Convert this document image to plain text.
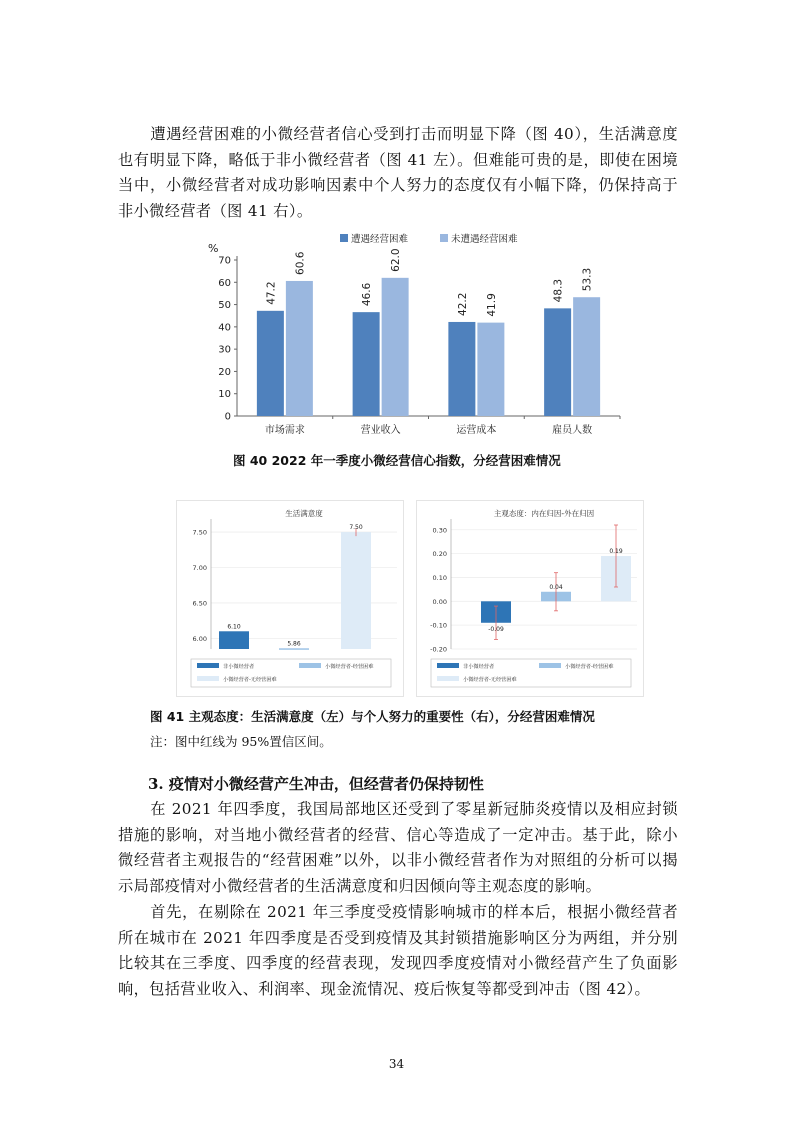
遭遇经营困难的小微经营者信心受到打击而明显下降（图 40），生活满意度也有明显下降，略低于非小微经营者（图 41 左）。但难能可贵的是，即使在困境当中，小微经营者对成功影响因素中个人努力的态度仅有小幅下降，仍保持高于非小微经营者（图 41 右）。
遭遇经营困难	未遭遇经营困难
%
0
10
20
30
40
50
60
70
市场需求
47.2
60.6
营业收入
46.6
62.0
运营成本
42.2 41.9
雇员人数
48.3 53.3
图 40 2022 年一季度小微经营信心指数，分经营困难情况
生活满意度
6.00
6.50
7.00
7.50
6.10
5.86
7.50
非小微经营者	小微经营者-经营困难
小微经营者-无经营困难
主观态度：内在归因-外在归因
-0.20
-0.10
0.00
0.10
0.20
0.30
-0.09
0.04
0.19
非小微经营者	小微经营者-经营困难
小微经营者-无经营困难
图 41 主观态度：生活满意度（左）与个人努力的重要性（右），分经营困难情况
注：图中红线为 95%置信区间。
3. 疫情对小微经营产生冲击，但经营者仍保持韧性
在 2021 年四季度，我国局部地区还受到了零星新冠肺炎疫情以及相应封锁措施的影响，对当地小微经营者的经营、信心等造成了一定冲击。基于此，除小微经营者主观报告的“经营困难”以外，以非小微经营者作为对照组的分析可以揭示局部疫情对小微经营者的生活满意度和归因倾向等主观态度的影响。
首先，在剔除在 2021 年三季度受疫情影响城市的样本后，根据小微经营者所在城市在 2021 年四季度是否受到疫情及其封锁措施影响区分为两组，并分别比较其在三季度、四季度的经营表现，发现四季度疫情对小微经营产生了负面影响，包括营业收入、利润率、现金流情况、疫后恢复等都受到冲击（图 42）。
34
